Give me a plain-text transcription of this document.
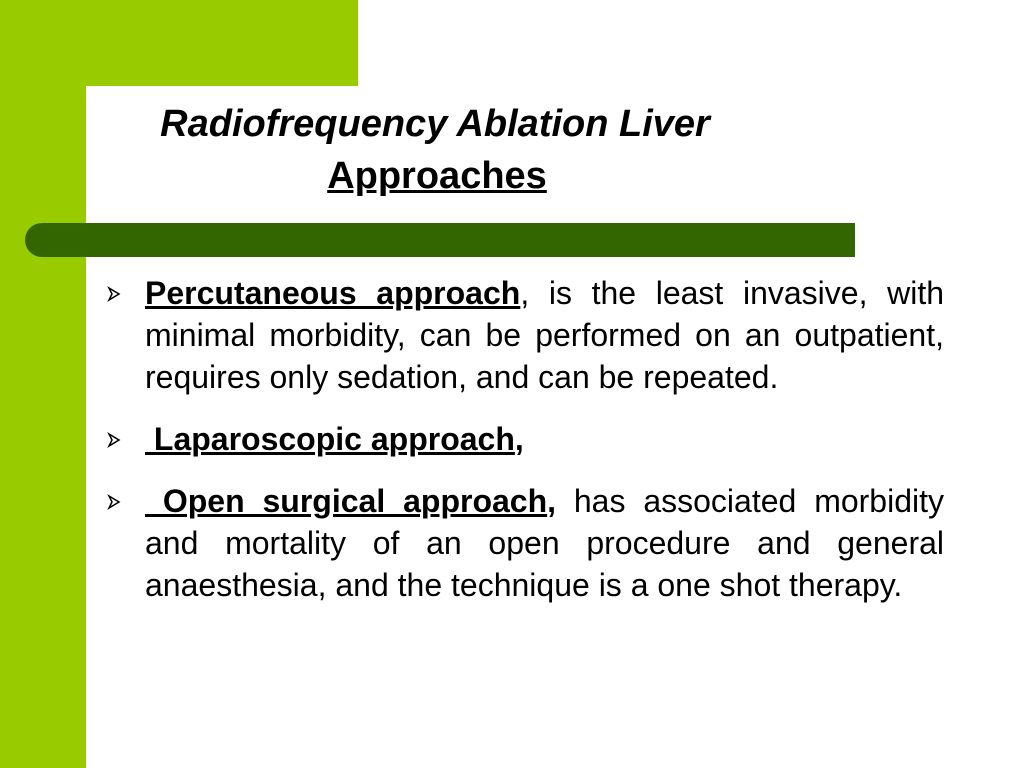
Radiofrequency Ablation Liver
Approaches
Percutaneous approach, is the least invasive, with minimal morbidity, can be performed on an outpatient, requires only sedation, and can be repeated.
Laparoscopic approach,
Open surgical approach, has associated morbidity and mortality of an open procedure and general anaesthesia, and the technique is a one shot therapy.
